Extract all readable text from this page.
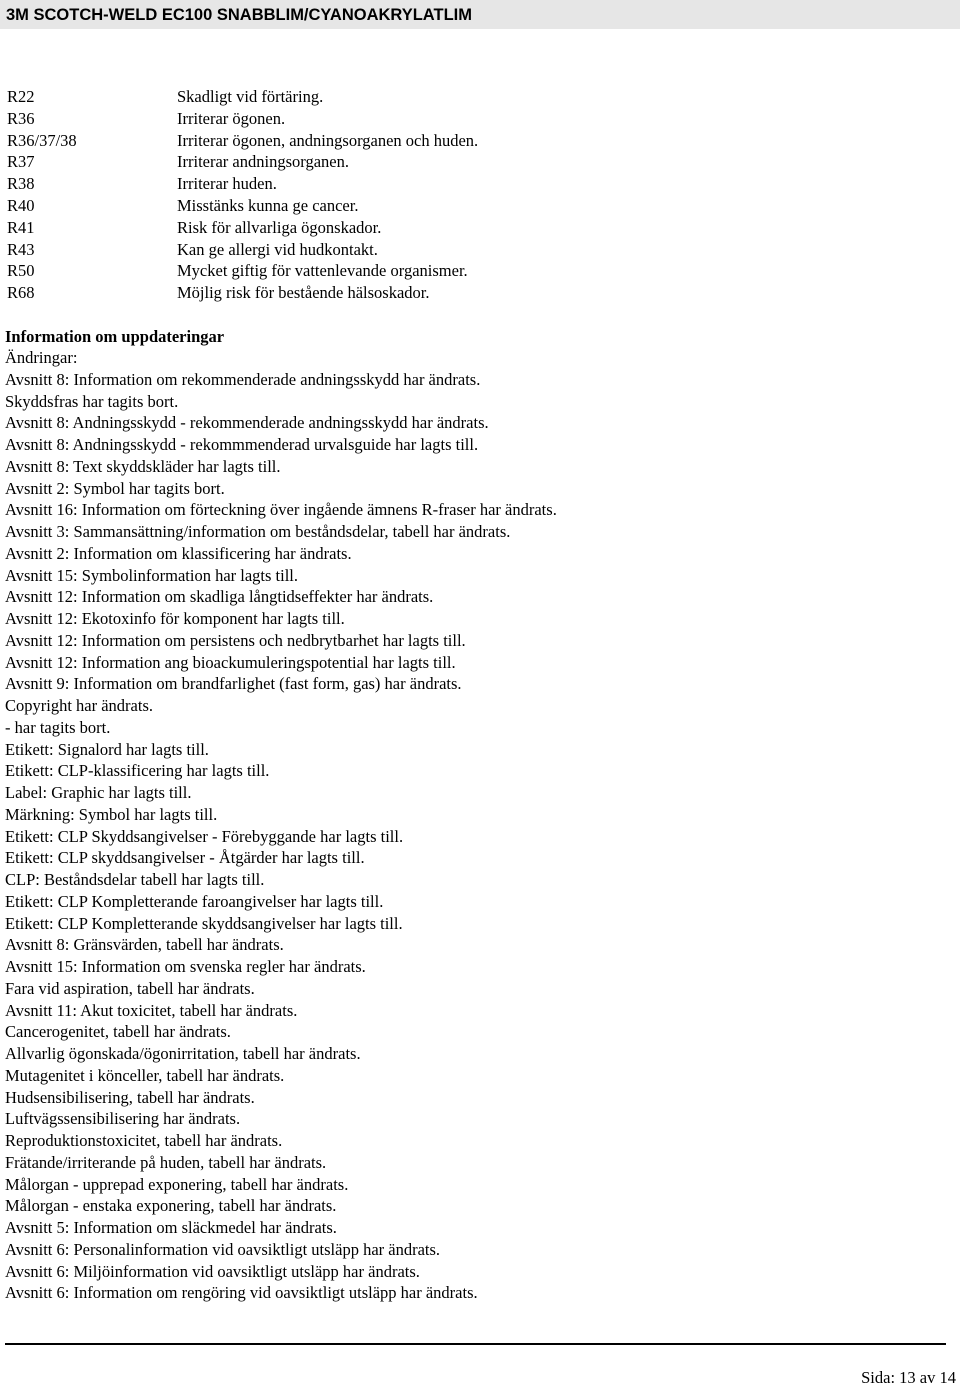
3M SCOTCH-WELD EC100 SNABBLIM/CYANOAKRYLATLIM
R22	Skadligt vid förtäring.
R36	Irriterar ögonen.
R36/37/38	Irriterar ögonen, andningsorganen och huden.
R37	Irriterar andningsorganen.
R38	Irriterar huden.
R40	Misstänks kunna ge cancer.
R41	Risk för allvarliga ögonskador.
R43	Kan ge allergi vid hudkontakt.
R50	Mycket giftig för vattenlevande organismer.
R68	Möjlig risk för bestående hälsoskador.
Information om uppdateringar
Ändringar:
Avsnitt 8: Information om rekommenderade andningsskydd har ändrats.
Skyddsfras har tagits bort.
Avsnitt 8: Andningsskydd - rekommenderade andningsskydd har ändrats.
Avsnitt 8: Andningsskydd - rekommmenderad urvalsguide har lagts till.
Avsnitt 8: Text skyddskläder har lagts till.
Avsnitt 2: Symbol har tagits bort.
Avsnitt 16: Information om förteckning över ingående ämnens R-fraser har ändrats.
Avsnitt 3: Sammansättning/information om beståndsdelar, tabell har ändrats.
Avsnitt 2: Information om klassificering har ändrats.
Avsnitt 15: Symbolinformation har lagts till.
Avsnitt 12: Information om skadliga långtidseffekter har ändrats.
Avsnitt 12: Ekotoxinfo för komponent har lagts till.
Avsnitt 12: Information om persistens och nedbrytbarhet har lagts till.
Avsnitt 12: Information ang bioackumuleringspotential har lagts till.
Avsnitt 9: Information om brandfarlighet (fast form, gas) har ändrats.
Copyright har ändrats.
- har tagits bort.
Etikett: Signalord har lagts till.
Etikett: CLP-klassificering har lagts till.
Label: Graphic har lagts till.
Märkning: Symbol har lagts till.
Etikett: CLP Skyddsangivelser - Förebyggande har lagts till.
Etikett: CLP skyddsangivelser - Åtgärder har lagts till.
CLP: Beståndsdelar tabell har lagts till.
Etikett: CLP Kompletterande faroangivelser har lagts till.
Etikett: CLP Kompletterande skyddsangivelser har lagts till.
Avsnitt 8: Gränsvärden, tabell har ändrats.
Avsnitt 15: Information om svenska regler har ändrats.
Fara vid aspiration, tabell har ändrats.
Avsnitt 11: Akut toxicitet, tabell har ändrats.
Cancerogenitet, tabell har ändrats.
Allvarlig ögonskada/ögonirritation, tabell har ändrats.
Mutagenitet i könceller, tabell har ändrats.
Hudsensibilisering, tabell har ändrats.
Luftvägssensibilisering har ändrats.
Reproduktionstoxicitet, tabell har ändrats.
Frätande/irriterande på huden, tabell har ändrats.
Målorgan - upprepad exponering, tabell har ändrats.
Målorgan - enstaka exponering, tabell har ändrats.
Avsnitt 5: Information om släckmedel har ändrats.
Avsnitt 6: Personalinformation vid oavsiktligt utsläpp har ändrats.
Avsnitt 6: Miljöinformation vid oavsiktligt utsläpp har ändrats.
Avsnitt 6: Information om rengöring vid oavsiktligt utsläpp har ändrats.
Sida: 13 av 14
